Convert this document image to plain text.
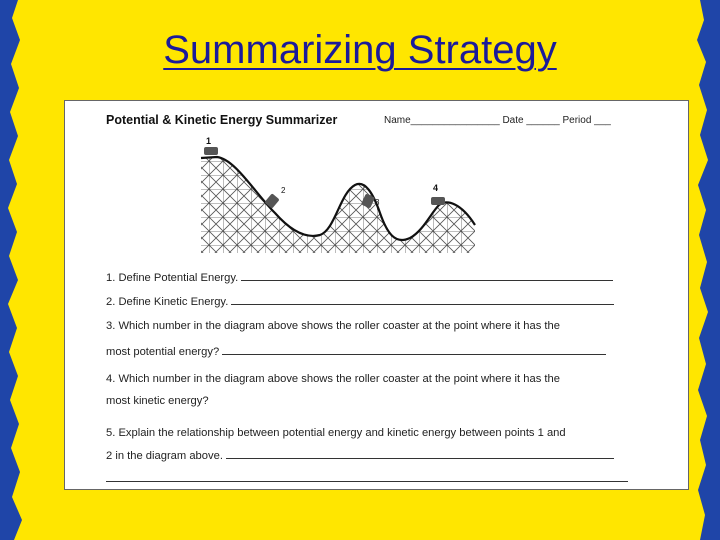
Summarizing Strategy
Potential & Kinetic Energy Summarizer	Name________________ Date ______ Period ___
1
2
3
4
1. Define Potential Energy.
2. Define Kinetic Energy.
3. Which number in the diagram above shows the roller coaster at the point where it has the
most potential energy?
4. Which number in the diagram above shows the roller coaster at the point where it has the
most kinetic energy?
5. Explain the relationship between potential energy and kinetic energy between points 1 and
2 in the diagram above.
